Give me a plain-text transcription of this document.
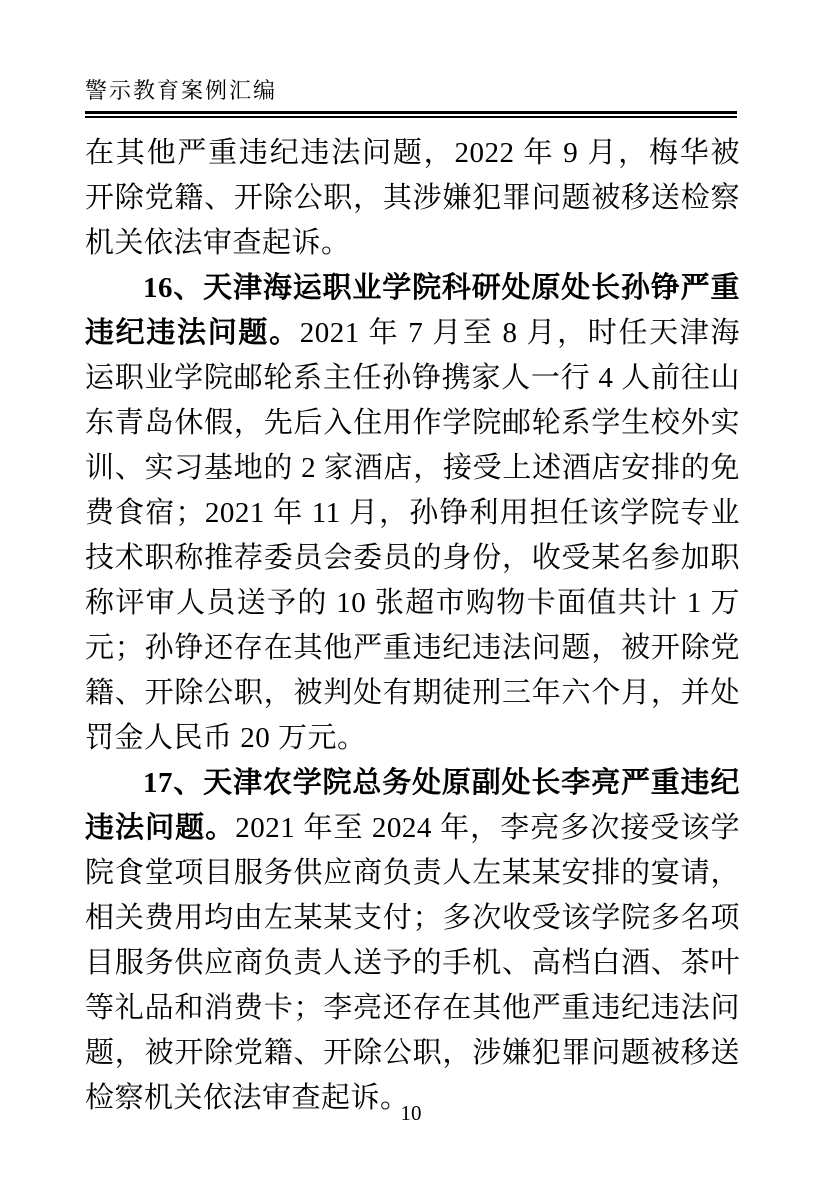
警示教育案例汇编

在其他严重违纪违法问题，2022 年 9 月，梅华被开除党籍、开除公职，其涉嫌犯罪问题被移送检察机关依法审查起诉。

16、天津海运职业学院科研处原处长孙铮严重违纪违法问题。2021 年 7 月至 8 月，时任天津海运职业学院邮轮系主任孙铮携家人一行 4 人前往山东青岛休假，先后入住用作学院邮轮系学生校外实训、实习基地的 2 家酒店，接受上述酒店安排的免费食宿；2021 年 11 月，孙铮利用担任该学院专业技术职称推荐委员会委员的身份，收受某名参加职称评审人员送予的 10 张超市购物卡面值共计 1 万元；孙铮还存在其他严重违纪违法问题，被开除党籍、开除公职，被判处有期徒刑三年六个月，并处罚金人民币 20 万元。

17、天津农学院总务处原副处长李亮严重违纪违法问题。2021 年至 2024 年，李亮多次接受该学院食堂项目服务供应商负责人左某某安排的宴请，相关费用均由左某某支付；多次收受该学院多名项目服务供应商负责人送予的手机、高档白酒、茶叶等礼品和消费卡；李亮还存在其他严重违纪违法问题，被开除党籍、开除公职，涉嫌犯罪问题被移送检察机关依法审查起诉。

10
